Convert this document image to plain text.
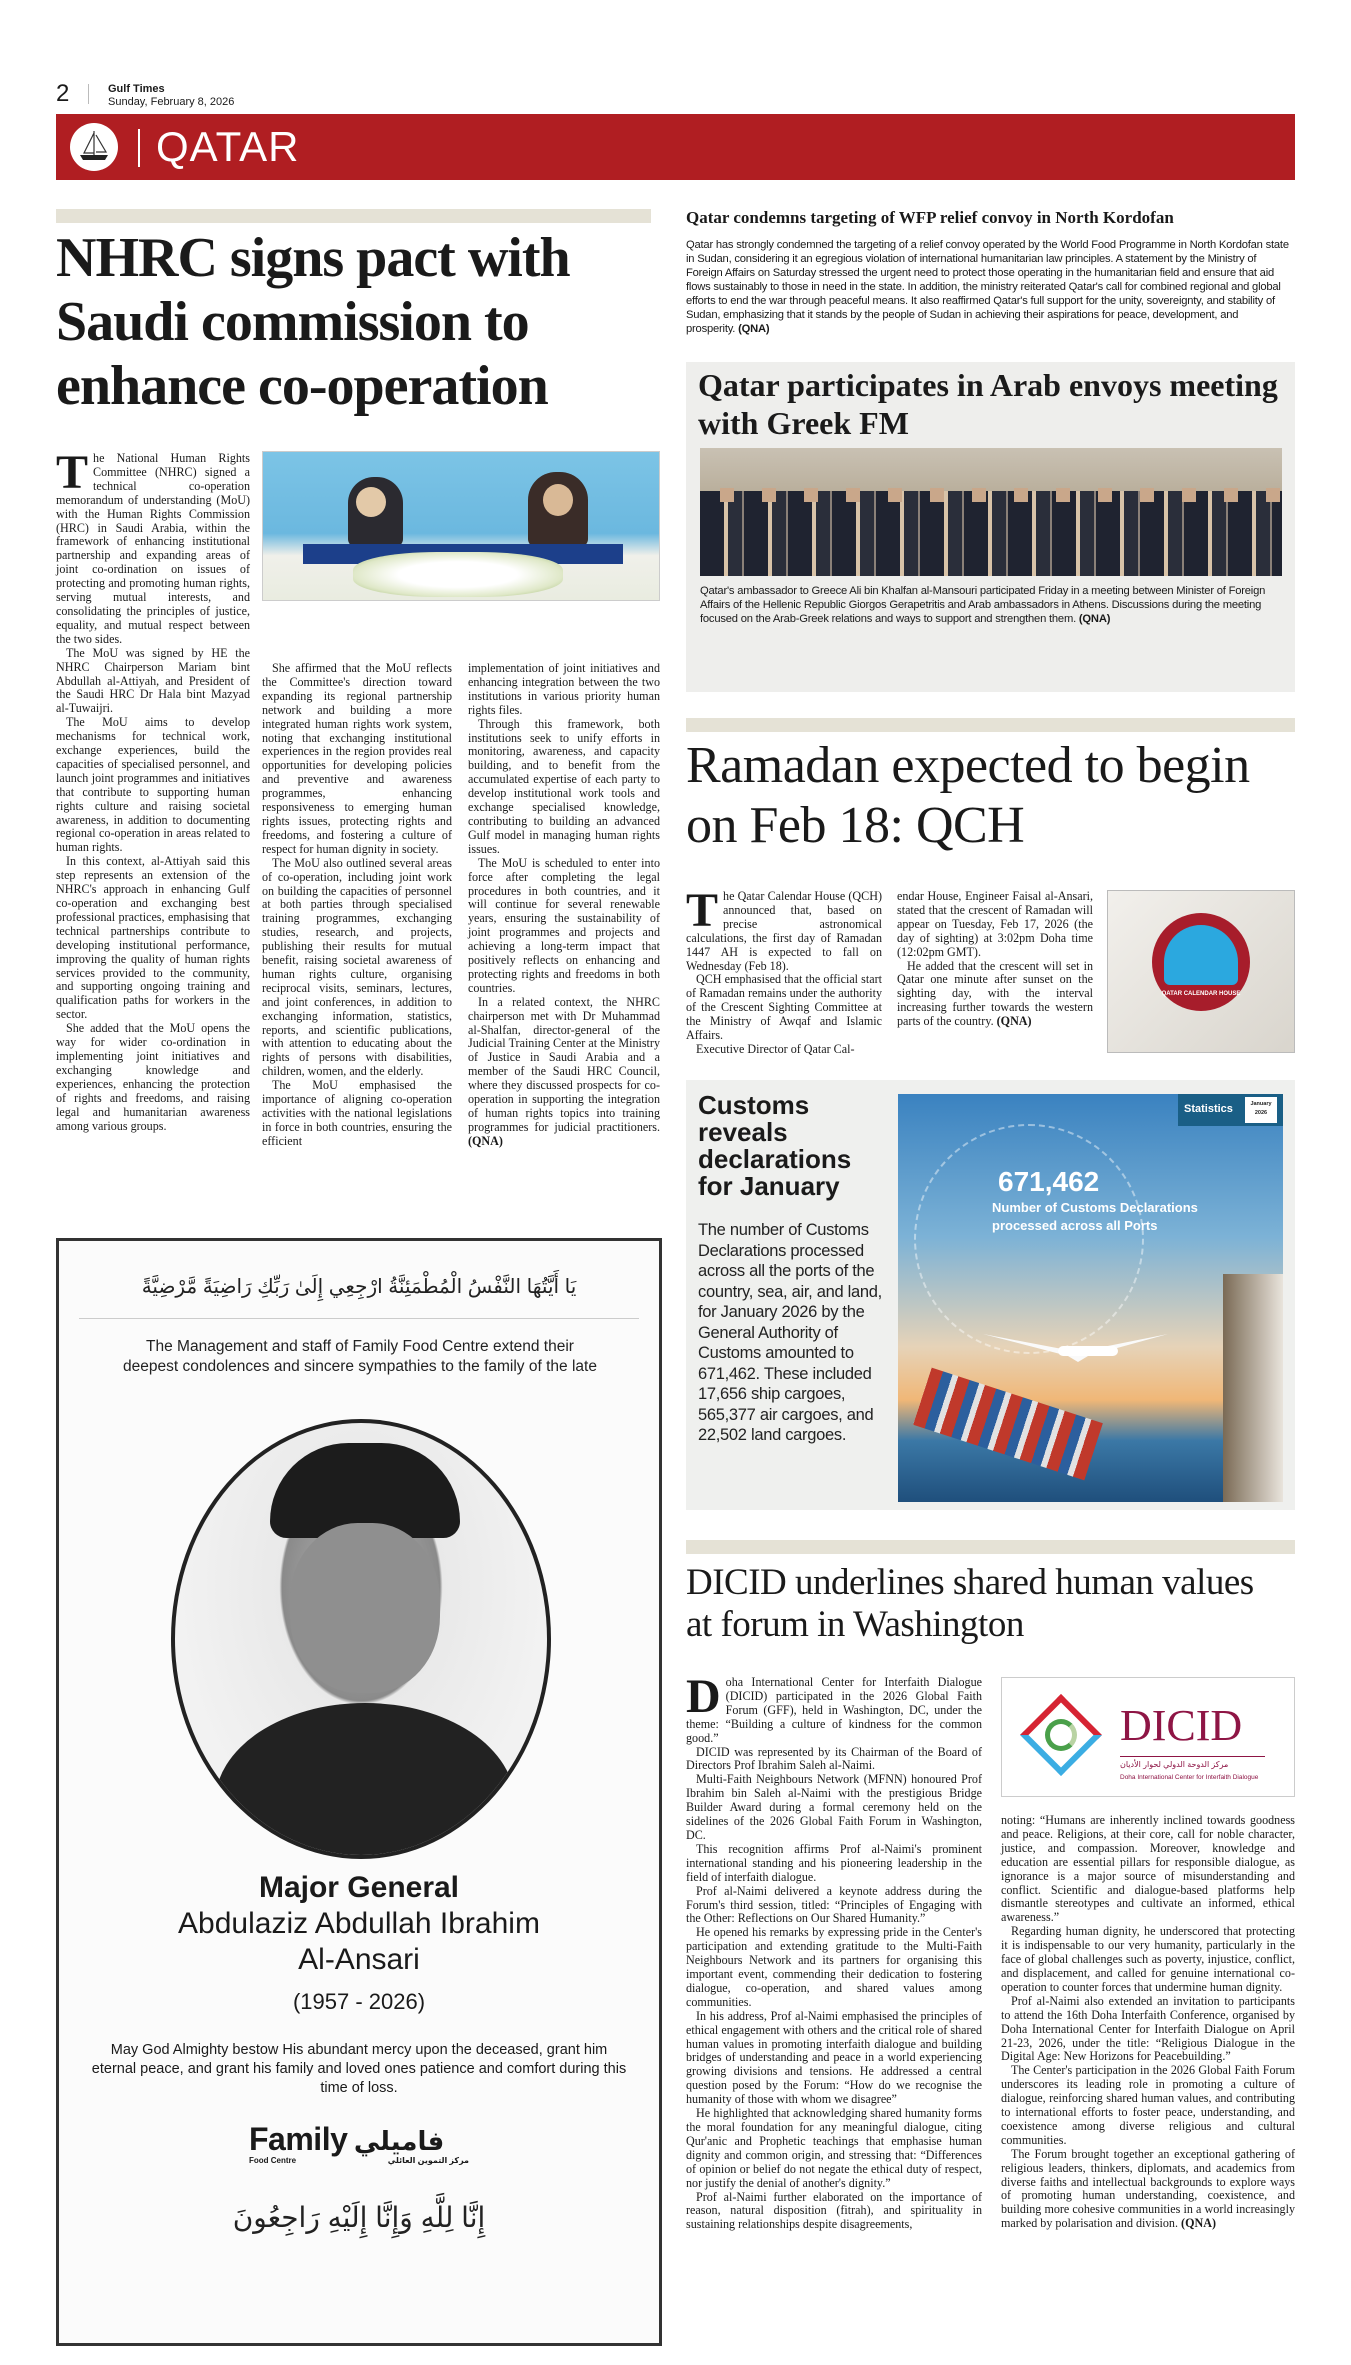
2	Gulf Times
Sunday, February 8, 2026
QATAR
NHRC signs pact with Saudi commission to enhance co-operation

The National Human Rights Committee (NHRC) signed a technical co-operation memorandum of understanding (MoU) with the Human Rights Commission (HRC) in Saudi Arabia, within the framework of enhancing institutional partnership and expanding areas of joint co-ordination on issues of protecting and promoting human rights, serving mutual interests, and consolidating the principles of justice, equality, and mutual respect between the two sides.

The MoU was signed by HE the NHRC Chairperson Mariam bint Abdullah al-Attiyah, and President of the Saudi HRC Dr Hala bint Mazyad al-Tuwaijri.

The MoU aims to develop mechanisms for technical work, exchange experiences, build the capacities of specialised personnel, and launch joint programmes and initiatives that contribute to supporting human rights culture and raising societal awareness, in addition to documenting regional co-operation in areas related to human rights.

In this context, al-Attiyah said this step represents an extension of the NHRC's approach in enhancing Gulf co-operation and exchanging best professional practices, emphasising that technical partnerships contribute to developing institutional performance, improving the quality of human rights services provided to the community, and supporting ongoing training and qualification paths for workers in the sector.

She added that the MoU opens the way for wider co-ordination in implementing joint initiatives and exchanging knowledge and experiences, enhancing the protection of rights and freedoms, and raising legal and humanitarian awareness among various groups.

She affirmed that the MoU reflects the Committee's direction toward expanding its regional partnership network and building a more integrated human rights work system, noting that exchanging institutional experiences in the region provides real opportunities for developing policies and preventive and awareness programmes, enhancing responsiveness to emerging human rights issues, protecting rights and freedoms, and fostering a culture of respect for human dignity in society.

The MoU also outlined several areas of co-operation, including joint work on building the capacities of personnel at both parties through specialised training programmes, exchanging studies, research, and projects, publishing their results for mutual benefit, raising societal awareness of human rights culture, organising reciprocal visits, seminars, lectures, and joint conferences, in addition to exchanging information, statistics, reports, and scientific publications, with attention to educating about the rights of persons with disabilities, children, women, and the elderly.

The MoU emphasised the importance of aligning co-operation activities with the national legislations in force in both countries, ensuring the efficient

implementation of joint initiatives and enhancing integration between the two institutions in various priority human rights files.

Through this framework, both institutions seek to unify efforts in monitoring, awareness, and capacity building, and to benefit from the accumulated expertise of each party to develop institutional work tools and exchange specialised knowledge, contributing to building an advanced Gulf model in managing human rights issues.

The MoU is scheduled to enter into force after completing the legal procedures in both countries, and it will continue for several renewable years, ensuring the sustainability of joint programmes and projects and achieving a long-term impact that positively reflects on enhancing and protecting rights and freedoms in both countries.

In a related context, the NHRC chairperson met with Dr Muhammad al-Shalfan, director-general of the Judicial Training Center at the Ministry of Justice in Saudi Arabia and a member of the Saudi HRC Council, where they discussed prospects for co-operation in supporting the integration of human rights topics into training programmes for judicial practitioners. (QNA)

Qatar condemns targeting of WFP relief convoy in North Kordofan

Qatar has strongly condemned the targeting of a relief convoy operated by the World Food Programme in North Kordofan state in Sudan, considering it an egregious violation of international humanitarian law principles. A statement by the Ministry of Foreign Affairs on Saturday stressed the urgent need to protect those operating in the humanitarian field and ensure that aid flows sustainably to those in need in the state. In addition, the ministry reiterated Qatar's call for combined regional and global efforts to end the war through peaceful means. It also reaffirmed Qatar's full support for the unity, sovereignty, and stability of Sudan, emphasizing that it stands by the people of Sudan in achieving their aspirations for peace, development, and prosperity. (QNA)

Qatar participates in Arab envoys meeting with Greek FM

Qatar's ambassador to Greece Ali bin Khalfan al-Mansouri participated Friday in a meeting between Minister of Foreign Affairs of the Hellenic Republic Giorgos Gerapetritis and Arab ambassadors in Athens. Discussions during the meeting focused on the Arab-Greek relations and ways to support and strengthen them. (QNA)

Ramadan expected to begin on Feb 18: QCH

The Qatar Calendar House (QCH) announced that, based on precise astronomical calculations, the first day of Ramadan 1447 AH is expected to fall on Wednesday (Feb 18).

QCH emphasised that the official start of Ramadan remains under the authority of the Crescent Sighting Committee at the Ministry of Awqaf and Islamic Affairs.

Executive Director of Qatar Cal-

endar House, Engineer Faisal al-Ansari, stated that the crescent of Ramadan will appear on Tuesday, Feb 17, 2026 (the day of sighting) at 3:02pm Doha time (12:02pm GMT).

He added that the crescent will set in Qatar one minute after sunset on the sighting day, with the interval increasing further towards the western parts of the country. (QNA)

QATAR CALENDAR HOUSE
Customs reveals declarations for January

The number of Customs Declarations processed across all the ports of the country, sea, air, and land, for January 2026 by the General Authority of Customs amounted to 671,462. These included 17,656 ship cargoes, 565,377 air cargoes, and 22,502 land cargoes.

Statistics	January
2026
671,462
Number of Customs Declarations
processed across all Ports
DICID underlines shared human values at forum in Washington

Doha International Center for Interfaith Dialogue (DICID) participated in the 2026 Global Faith Forum (GFF), held in Washington, DC, under the theme: “Building a culture of kindness for the common good.”

DICID was represented by its Chairman of the Board of Directors Prof Ibrahim Saleh al-Naimi.

Multi-Faith Neighbours Network (MFNN) honoured Prof Ibrahim bin Saleh al-Naimi with the prestigious Bridge Builder Award during a formal ceremony held on the sidelines of the 2026 Global Faith Forum in Washington, DC.

This recognition affirms Prof al-Naimi's prominent international standing and his pioneering leadership in the field of interfaith dialogue.

Prof al-Naimi delivered a keynote address during the Forum's third session, titled: “Principles of Engaging with the Other: Reflections on Our Shared Humanity.”

He opened his remarks by expressing pride in the Center's participation and extending gratitude to the Multi-Faith Neighbours Network and its partners for organising this important event, commending their dedication to fostering dialogue, co-operation, and shared values among communities.

In his address, Prof al-Naimi emphasised the principles of ethical engagement with others and the critical role of shared human values in promoting interfaith dialogue and building bridges of understanding and peace in a world experiencing growing divisions and tensions. He addressed a central question posed by the Forum: “How do we recognise the humanity of those with whom we disagree”

He highlighted that acknowledging shared humanity forms the moral foundation for any meaningful dialogue, citing Qur'anic and Prophetic teachings that emphasise human dignity and common origin, and stressing that: “Differences of opinion or belief do not negate the ethical duty of respect, nor justify the denial of another's dignity.”

Prof al-Naimi further elaborated on the importance of reason, natural disposition (fitrah), and spirituality in sustaining relationships despite disagreements,

DICID
مركز الدوحة الدولي لحوار الأديان
Doha International Center for Interfaith Dialogue

noting: “Humans are inherently inclined towards goodness and peace. Religions, at their core, call for noble character, justice, and compassion. Moreover, knowledge and education are essential pillars for responsible dialogue, as ignorance is a major source of misunderstanding and conflict. Scientific and dialogue-based platforms help dismantle stereotypes and cultivate an informed, ethical awareness.”

Regarding human dignity, he underscored that protecting it is indispensable to our very humanity, particularly in the face of global challenges such as poverty, injustice, conflict, and displacement, and called for genuine international co-operation to counter forces that undermine human dignity.

Prof al-Naimi also extended an invitation to participants to attend the 16th Doha Interfaith Conference, organised by Doha International Center for Interfaith Dialogue on April 21-23, 2026, under the title: “Religious Dialogue in the Digital Age: New Horizons for Peacebuilding.”

The Center's participation in the 2026 Global Faith Forum underscores its leading role in promoting a culture of dialogue, reinforcing shared human values, and contributing to international efforts to foster peace, understanding, and coexistence among diverse religious and cultural communities.

The Forum brought together an exceptional gathering of religious leaders, thinkers, diplomats, and academics from diverse faiths and intellectual backgrounds to explore ways of promoting human understanding, coexistence, and building more cohesive communities in a world increasingly marked by polarisation and division. (QNA)

يَا أَيَّتُهَا النَّفْسُ الْمُطْمَئِنَّةُ ارْجِعِي إِلَىٰ رَبِّكِ رَاضِيَةً مَّرْضِيَّةً

The Management and staff of Family Food Centre extend their deepest condolences and sincere sympathies to the family of the late

Major General
Abdulaziz Abdullah Ibrahim
Al-Ansari
(1957 - 2026)

May God Almighty bestow His abundant mercy upon the deceased, grant him eternal peace, and grant his family and loved ones patience and comfort during this time of loss.

Family فاميلي
Food Centre	مركز التموين العائلي
إِنَّا لِلَّهِ وَإِنَّا إِلَيْهِ رَاجِعُونَ
